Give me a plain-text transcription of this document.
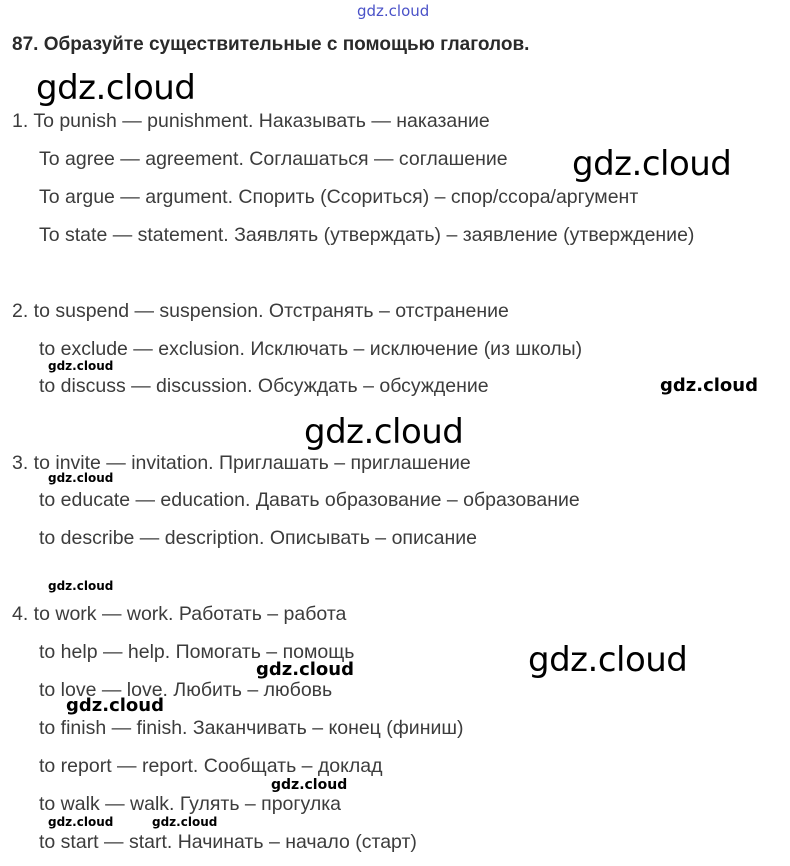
gdz.cloud
87. Образуйте существительные с помощью глаголов.
1. To punish — punishment. Наказывать — наказание
To agree — agreement. Соглашаться — соглашение
To argue — argument. Спорить (Ссориться) – спор/ссора/аргумент
To state — statement. Заявлять (утверждать) – заявление (утверждение)
2. to suspend — suspension. Отстранять – отстранение
to exclude — exclusion. Исключать – исключение (из школы)
to discuss — discussion. Обсуждать – обсуждение
3. to invite — invitation. Приглашать – приглашение
to educate — education. Давать образование – образование
to describe — description. Описывать – описание
4. to work — work. Работать – работа
to help — help. Помогать – помощь
to love — love. Любить – любовь
to finish — finish. Заканчивать – конец (финиш)
to report — report. Сообщать – доклад
to walk — walk. Гулять – прогулка
to start — start. Начинать – начало (старт)
gdz.cloud
gdz.cloud
gdz.cloud
gdz.cloud
gdz.cloud
gdz.cloud
gdz.cloud
gdz.cloud
gdz.cloud
gdz.cloud
gdz.cloud
gdz.cloud	gdz.cloud
